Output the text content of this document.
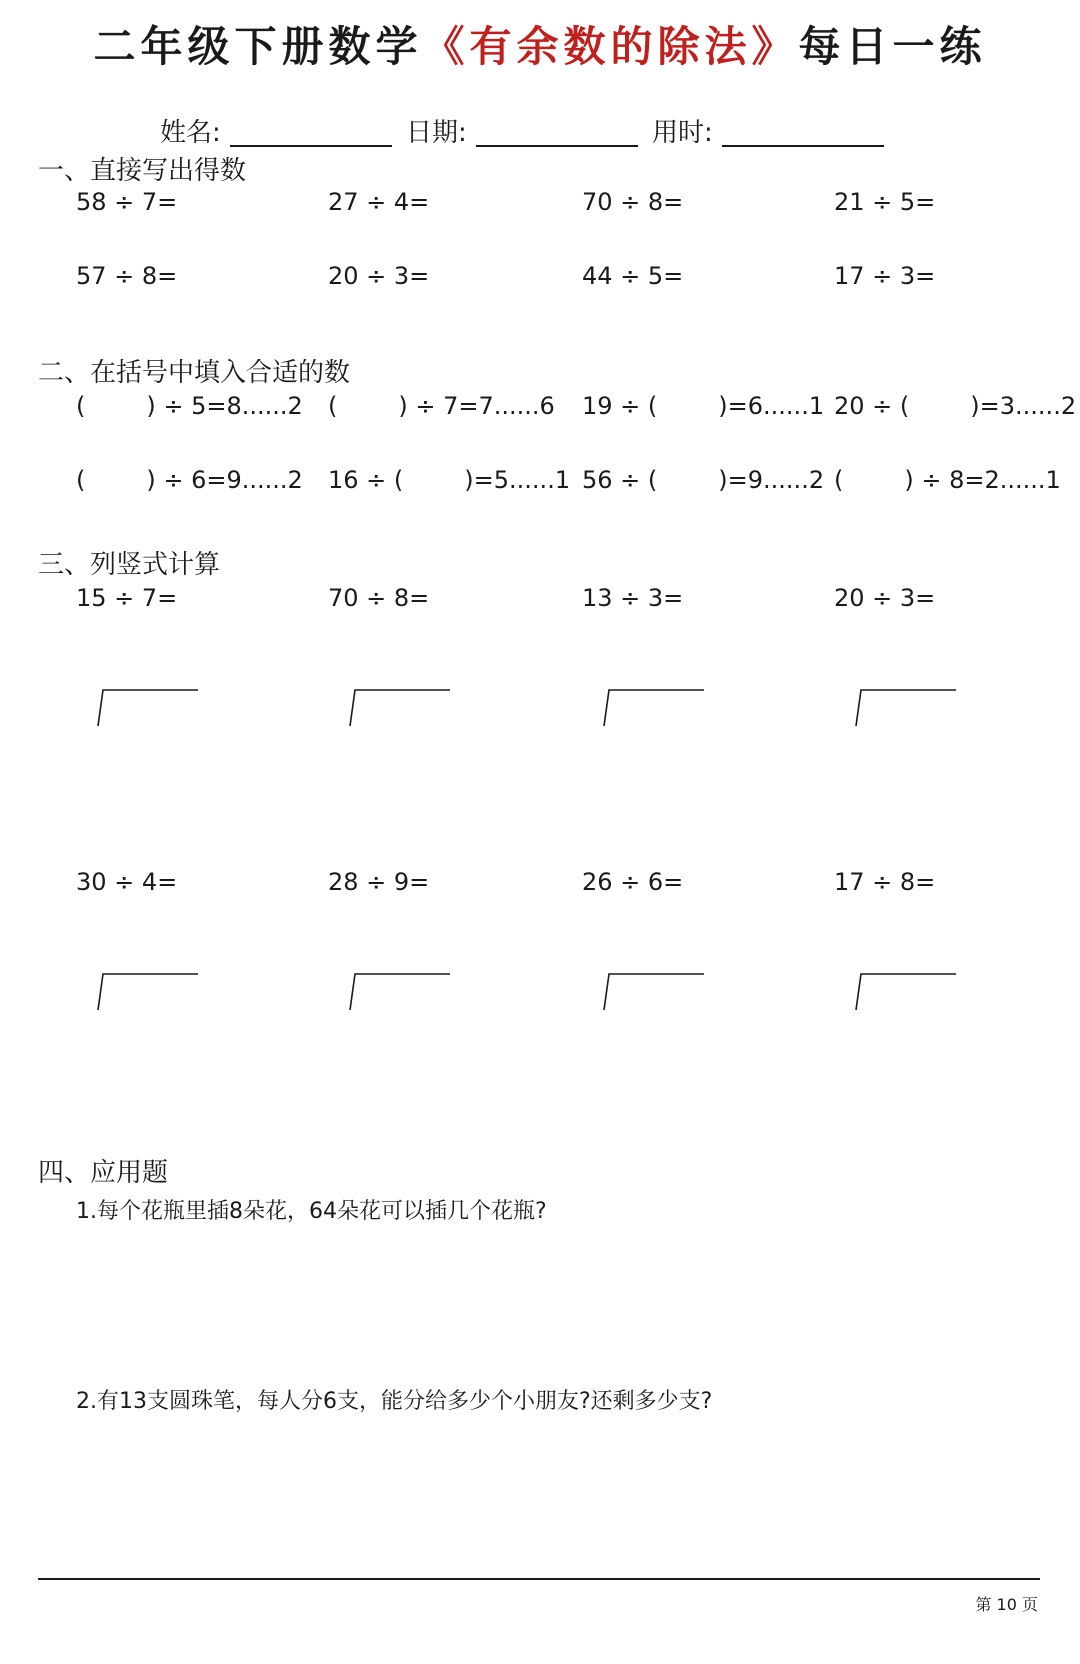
二年级下册数学《有余数的除法》每日一练
姓名:	日期:	用时:
一、直接写出得数
58 ÷ 7=	27 ÷ 4=	70 ÷ 8=	21 ÷ 5=
57 ÷ 8=	20 ÷ 3=	44 ÷ 5=	17 ÷ 3=
二、在括号中填入合适的数
(        ) ÷ 5=8......2 (        ) ÷ 7=7......6 19 ÷ (        )=6......1 20 ÷ (        )=3......2
(        ) ÷ 6=9......2 16 ÷ (        )=5......1 56 ÷ (        )=9......2 (        ) ÷ 8=2......1
三、列竖式计算
15 ÷ 7=	70 ÷ 8=	13 ÷ 3=	20 ÷ 3=
30 ÷ 4=	28 ÷ 9=	26 ÷ 6=	17 ÷ 8=
四、应用题
1.每个花瓶里插8朵花，64朵花可以插几个花瓶?
2.有13支圆珠笔，每人分6支，能分给多少个小朋友?还剩多少支?
第 10 页
